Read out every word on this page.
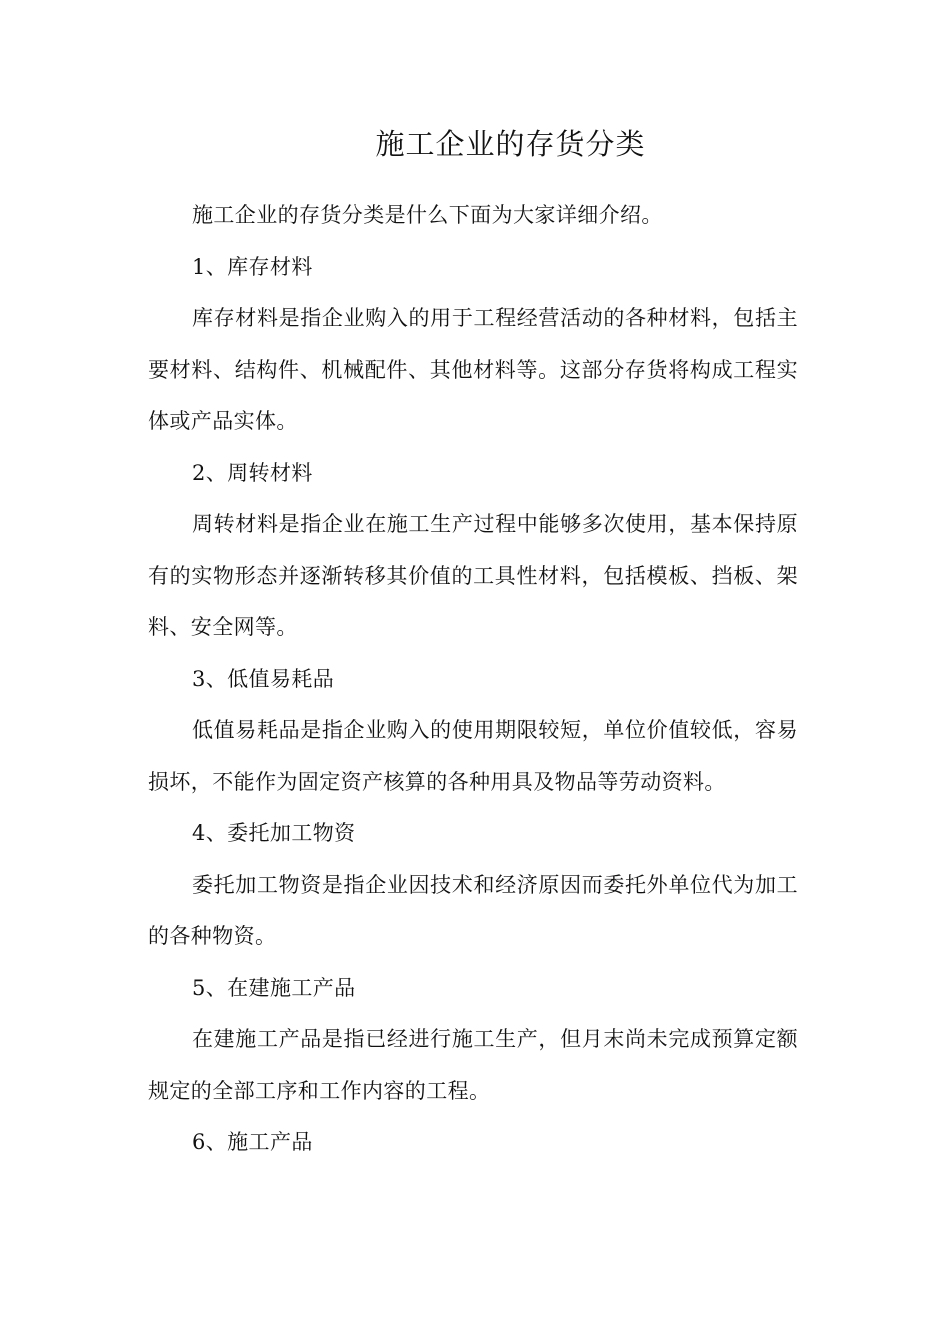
施工企业的存货分类

施工企业的存货分类是什么下面为大家详细介绍。

1、库存材料

库存材料是指企业购入的用于工程经营活动的各种材料，包括主要材料、结构件、机械配件、其他材料等。这部分存货将构成工程实体或产品实体。

2、周转材料

周转材料是指企业在施工生产过程中能够多次使用，基本保持原有的实物形态并逐渐转移其价值的工具性材料，包括模板、挡板、架料、安全网等。

3、低值易耗品

低值易耗品是指企业购入的使用期限较短，单位价值较低，容易损坏，不能作为固定资产核算的各种用具及物品等劳动资料。

4、委托加工物资

委托加工物资是指企业因技术和经济原因而委托外单位代为加工的各种物资。

5、在建施工产品

在建施工产品是指已经进行施工生产，但月末尚未完成预算定额规定的全部工序和工作内容的工程。

6、施工产品
